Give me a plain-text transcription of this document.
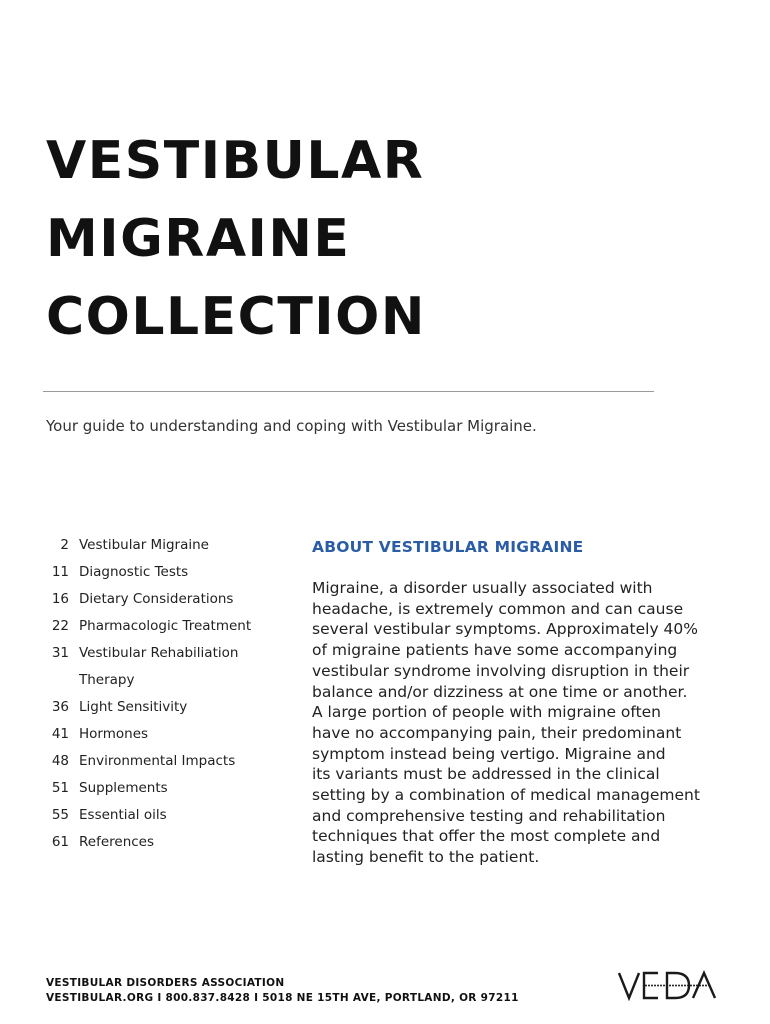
VESTIBULAR
MIGRAINE
COLLECTION

Your guide to understanding and coping with Vestibular Migraine.

2 Vestibular Migraine
11 Diagnostic Tests
16 Dietary Considerations
22 Pharmacologic Treatment
31 Vestibular Rehabiliation
Therapy
36 Light Sensitivity
41 Hormones
48 Environmental Impacts
51 Supplements
55 Essential oils
61 References
ABOUT VESTIBULAR MIGRAINE

Migraine, a disorder usually associated with
headache, is extremely common and can cause
several vestibular symptoms. Approximately 40%
of migraine patients have some accompanying
vestibular syndrome involving disruption in their
balance and/or dizziness at one time or another.
A large portion of people with migraine often
have no accompanying pain, their predominant
symptom instead being vertigo. Migraine and
its variants must be addressed in the clinical
setting by a combination of medical management
and comprehensive testing and rehabilitation
techniques that offer the most complete and
lasting benefit to the patient.

VESTIBULAR DISORDERS ASSOCIATION
VESTIBULAR.ORG I 800.837.8428 I 5018 NE 15TH AVE, PORTLAND, OR 97211
